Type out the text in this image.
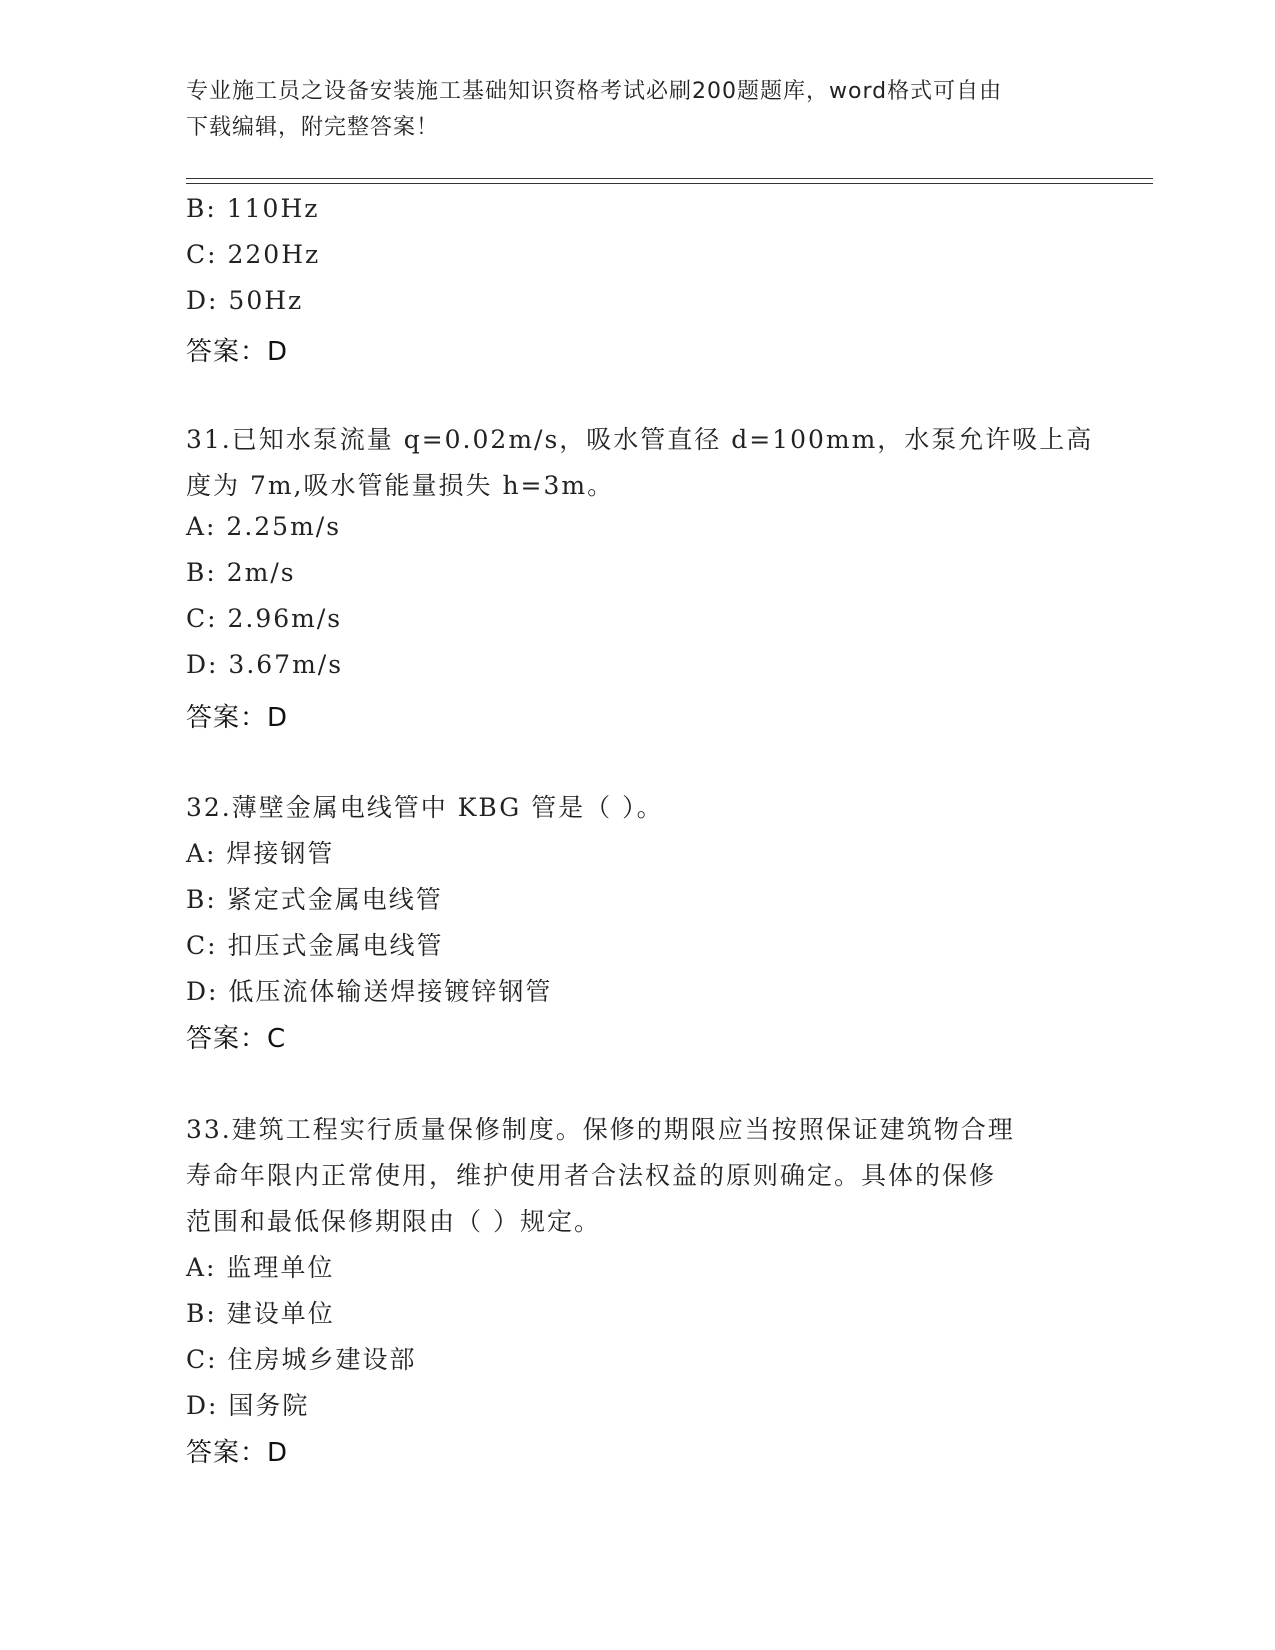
专业施工员之设备安装施工基础知识资格考试必刷200题题库，word格式可自由
下载编辑，附完整答案！
B: 110Hz
C: 220Hz
D: 50Hz
答案：D
31.已知水泵流量 q=0.02m/s，吸水管直径 d=100mm，水泵允许吸上高
度为 7m,吸水管能量损失 h=3m。
A: 2.25m/s
B: 2m/s
C: 2.96m/s
D: 3.67m/s
答案：D
32.薄壁金属电线管中 KBG 管是（ ）。
A: 焊接钢管
B: 紧定式金属电线管
C: 扣压式金属电线管
D: 低压流体输送焊接镀锌钢管
答案：C
33.建筑工程实行质量保修制度。保修的期限应当按照保证建筑物合理
寿命年限内正常使用，维护使用者合法权益的原则确定。具体的保修
范围和最低保修期限由（ ）规定。
A: 监理单位
B: 建设单位
C: 住房城乡建设部
D: 国务院
答案：D
